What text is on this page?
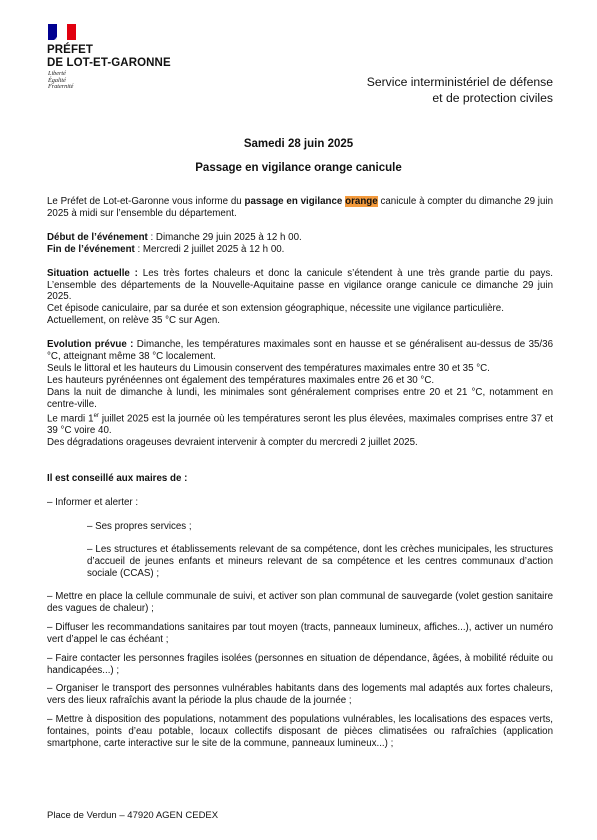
PRÉFET
DE LOT-ET-GARONNE
Liberté
Égalité
Fraternité	Service interministériel de défense
et de protection civiles
Samedi 28 juin 2025
Passage en vigilance orange canicule

Le Préfet de Lot-et-Garonne vous informe du passage en vigilance orange canicule à compter du dimanche 29 juin 2025 à midi sur l’ensemble du département.

Début de l’événement : Dimanche 29 juin 2025 à 12 h 00.

Fin de l’événement : Mercredi 2 juillet 2025 à 12 h 00.

Situation actuelle : Les très fortes chaleurs et donc la canicule s’étendent à une très grande partie du pays. L’ensemble des départements de la Nouvelle-Aquitaine passe en vigilance orange canicule ce dimanche 29 juin 2025.

Cet épisode caniculaire, par sa durée et son extension géographique, nécessite une vigilance particulière.

Actuellement, on relève 35 °C sur Agen.

Evolution prévue : Dimanche, les températures maximales sont en hausse et se généralisent au-dessus de 35/36 °C, atteignant même 38 °C localement.

Seuls le littoral et les hauteurs du Limousin conservent des températures maximales entre 30 et 35 °C.

Les hauteurs pyrénéennes ont également des températures maximales entre 26 et 30 °C.

Dans la nuit de dimanche à lundi, les minimales sont généralement comprises entre 20 et 21 °C, notamment en centre-ville.

Le mardi 1er juillet 2025 est la journée où les températures seront les plus élevées, maximales comprises entre 37 et 39 °C voire 40.

Des dégradations orageuses devraient intervenir à compter du mercredi 2 juillet 2025.

Il est conseillé aux maires de :

– Informer et alerter :

– Ses propres services ;

– Les structures et établissements relevant de sa compétence, dont les crèches municipales, les structures d’accueil de jeunes enfants et mineurs relevant de sa compétence et les centres communaux d’action sociale (CCAS) ;

– Mettre en place la cellule communale de suivi, et activer son plan communal de sauvegarde (volet gestion sanitaire des vagues de chaleur) ;

– Diffuser les recommandations sanitaires par tout moyen (tracts, panneaux lumineux, affiches...), activer un numéro vert d’appel le cas échéant ;

– Faire contacter les personnes fragiles isolées (personnes en situation de dépendance, âgées, à mobilité réduite ou handicapées...) ;

– Organiser le transport des personnes vulnérables habitants dans des logements mal adaptés aux fortes chaleurs, vers des lieux rafraîchis avant la période la plus chaude de la journée ;

– Mettre à disposition des populations, notamment des populations vulnérables, les localisations des espaces verts, fontaines, points d’eau potable, locaux collectifs disposant de pièces climatisées ou rafraîchies (application smartphone, carte interactive sur le site de la commune, panneaux lumineux...) ;

Place de Verdun – 47920 AGEN CEDEX
